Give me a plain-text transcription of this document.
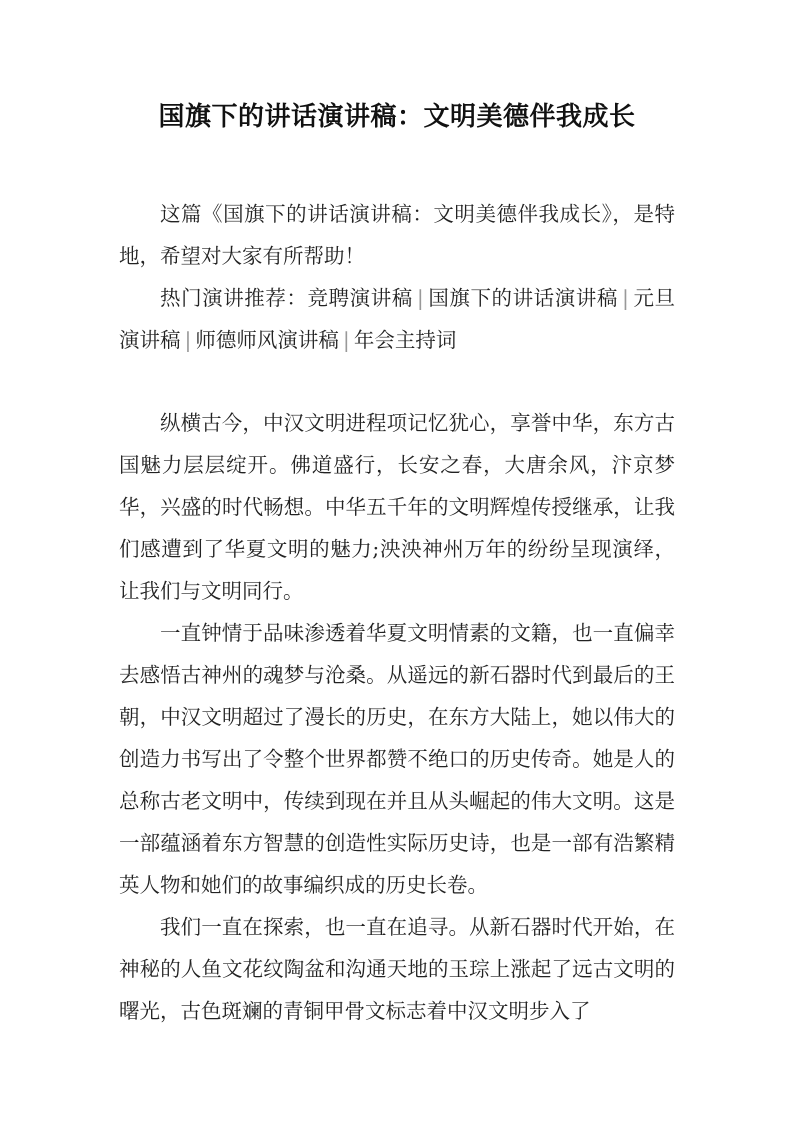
国旗下的讲话演讲稿：文明美德伴我成长

这篇《国旗下的讲话演讲稿：文明美德伴我成长》，是特地，希望对大家有所帮助！

热门演讲推荐：竞聘演讲稿 | 国旗下的讲话演讲稿 | 元旦演讲稿 | 师德师风演讲稿 | 年会主持词

纵横古今，中汉文明进程项记忆犹心，享誉中华，东方古国魅力层层绽开。佛道盛行，长安之春，大唐余风，汴京梦华，兴盛的时代畅想。中华五千年的文明辉煌传授继承，让我们感遭到了华夏文明的魅力;泱泱神州万年的纷纷呈现演绎，让我们与文明同行。

一直钟情于品味渗透着华夏文明情素的文籍，也一直偏幸去感悟古神州的魂梦与沧桑。从遥远的新石器时代到最后的王朝，中汉文明超过了漫长的历史，在东方大陆上，她以伟大的创造力书写出了令整个世界都赞不绝口的历史传奇。她是人的总称古老文明中，传续到现在并且从头崛起的伟大文明。这是一部蕴涵着东方智慧的创造性实际历史诗，也是一部有浩繁精英人物和她们的故事编织成的历史长卷。

我们一直在探索，也一直在追寻。从新石器时代开始，在神秘的人鱼文花纹陶盆和沟通天地的玉琮上涨起了远古文明的曙光，古色斑斓的青铜甲骨文标志着中汉文明步入了
